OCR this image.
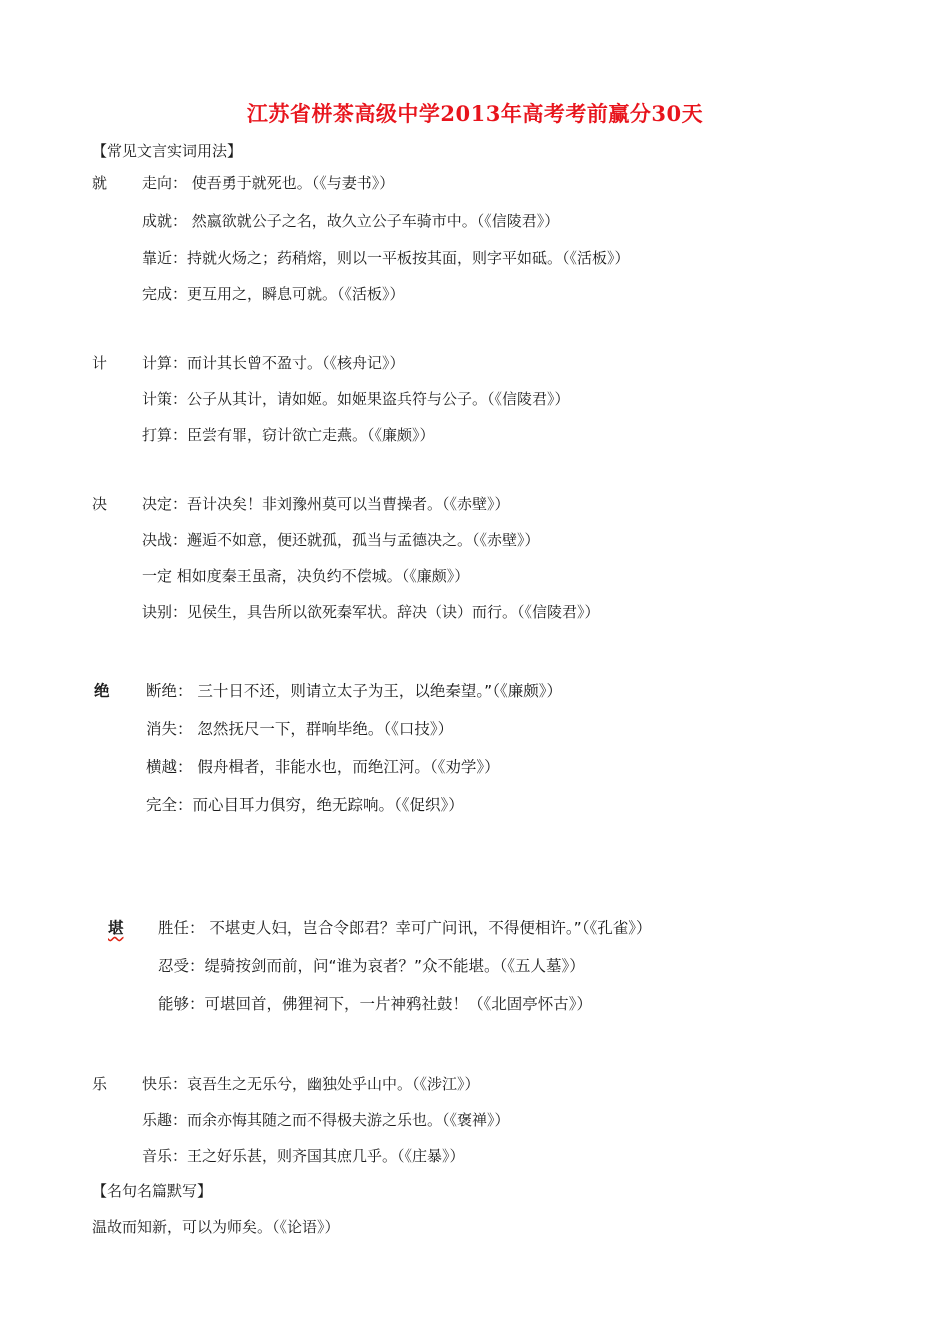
江苏省栟茶高级中学2013年高考考前赢分30天
【常见文言实词用法】
就 走向： 使吾勇于就死也。（《与妻书》）
成就： 然嬴欲就公子之名，故久立公子车骑市中。（《信陵君》）
靠近：持就火炀之；药稍熔，则以一平板按其面，则字平如砥。（《活板》）
完成：更互用之，瞬息可就。（《活板》）
计 计算：而计其长曾不盈寸。（《核舟记》）
计策：公子从其计，请如姬。如姬果盗兵符与公子。（《信陵君》）
打算：臣尝有罪，窃计欲亡走燕。（《廉颇》）
决 决定：吾计决矣！非刘豫州莫可以当曹操者。（《赤壁》）
决战：邂逅不如意，便还就孤，孤当与孟德决之。（《赤壁》）
一定 相如度秦王虽斋，决负约不偿城。（《廉颇》）
诀别：见侯生，具告所以欲死秦军状。辞决（诀）而行。（《信陵君》）
绝 断绝： 三十日不还，则请立太子为王，以绝秦望。”（《廉颇》）
消失： 忽然抚尺一下，群响毕绝。（《口技》）
横越： 假舟楫者，非能水也，而绝江河。（《劝学》）
完全：而心目耳力俱穷，绝无踪响。（《促织》）
堪 胜任： 不堪吏人妇，岂合令郎君？幸可广问讯，不得便相许。”（《孔雀》）
忍受：缇骑按剑而前，问“谁为哀者？”众不能堪。（《五人墓》）
能够：可堪回首，佛狸祠下，一片神鸦社鼓！（《北固亭怀古》）
乐 快乐：哀吾生之无乐兮，幽独处乎山中。（《涉江》）
乐趣：而余亦悔其随之而不得极夫游之乐也。（《褒禅》）
音乐：王之好乐甚，则齐国其庶几乎。（《庄暴》）
【名句名篇默写】
温故而知新，可以为师矣。（《论语》）
